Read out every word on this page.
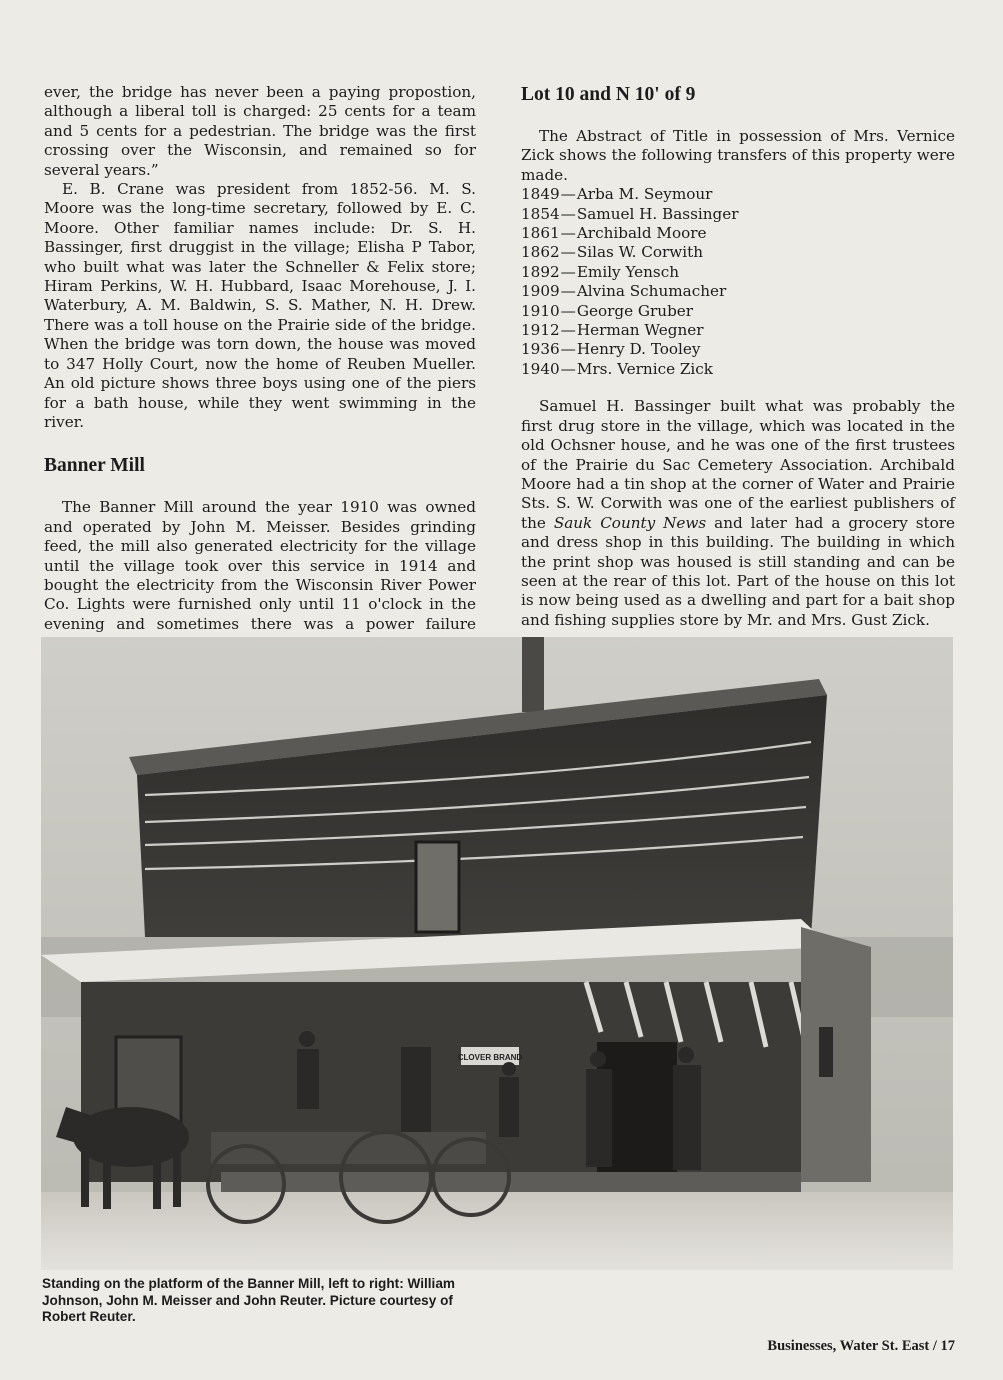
ever, the bridge has never been a paying propostion, although a liberal toll is charged: 25 cents for a team and 5 cents for a pedestrian. The bridge was the first crossing over the Wisconsin, and remained so for several years.”

E. B. Crane was president from 1852-56. M. S. Moore was the long-time secretary, followed by E. C. Moore. Other familiar names include: Dr. S. H. Bassinger, first druggist in the village; Elisha P Tabor, who built what was later the Schneller & Felix store; Hiram Perkins, W. H. Hubbard, Isaac Morehouse, J. I. Waterbury, A. M. Baldwin, S. S. Mather, N. H. Drew. There was a toll house on the Prairie side of the bridge. When the bridge was torn down, the house was moved to 347 Holly Court, now the home of Reuben Mueller. An old picture shows three boys using one of the piers for a bath house, while they went swimming in the river.

Banner Mill

The Banner Mill around the year 1910 was owned and operated by John M. Meisser. Besides grinding feed, the mill also generated electricity for the village until the village took over this service in 1914 and bought the electricity from the Wisconsin River Power Co. Lights were furnished only until 11 o'clock in the evening and sometimes there was a power failure

Lot 10 and N 10' of 9

The Abstract of Title in possession of Mrs. Vernice Zick shows the following transfers of this property were made.

1849—Arba M. Seymour
1854—Samuel H. Bassinger
1861—Archibald Moore
1862—Silas W. Corwith
1892—Emily Yensch
1909—Alvina Schumacher
1910—George Gruber
1912—Herman Wegner
1936—Henry D. Tooley
1940—Mrs. Vernice Zick

Samuel H. Bassinger built what was probably the first drug store in the village, which was located in the old Ochsner house, and he was one of the first trustees of the Prairie du Sac Cemetery Association. Archibald Moore had a tin shop at the corner of Water and Prairie Sts. S. W. Corwith was one of the earliest publishers of the Sauk County News and later had a grocery store and dress shop in this building. The building in which the print shop was housed is still standing and can be seen at the rear of this lot. Part of the house on this lot is now being used as a dwelling and part for a bait shop and fishing supplies store by Mr. and Mrs. Gust Zick.

CLOVER BRAND

Standing on the platform of the Banner Mill, left to right: William Johnson, John M. Meisser and John Reuter. Picture courtesy of Robert Reuter.

Businesses, Water St. East / 17
